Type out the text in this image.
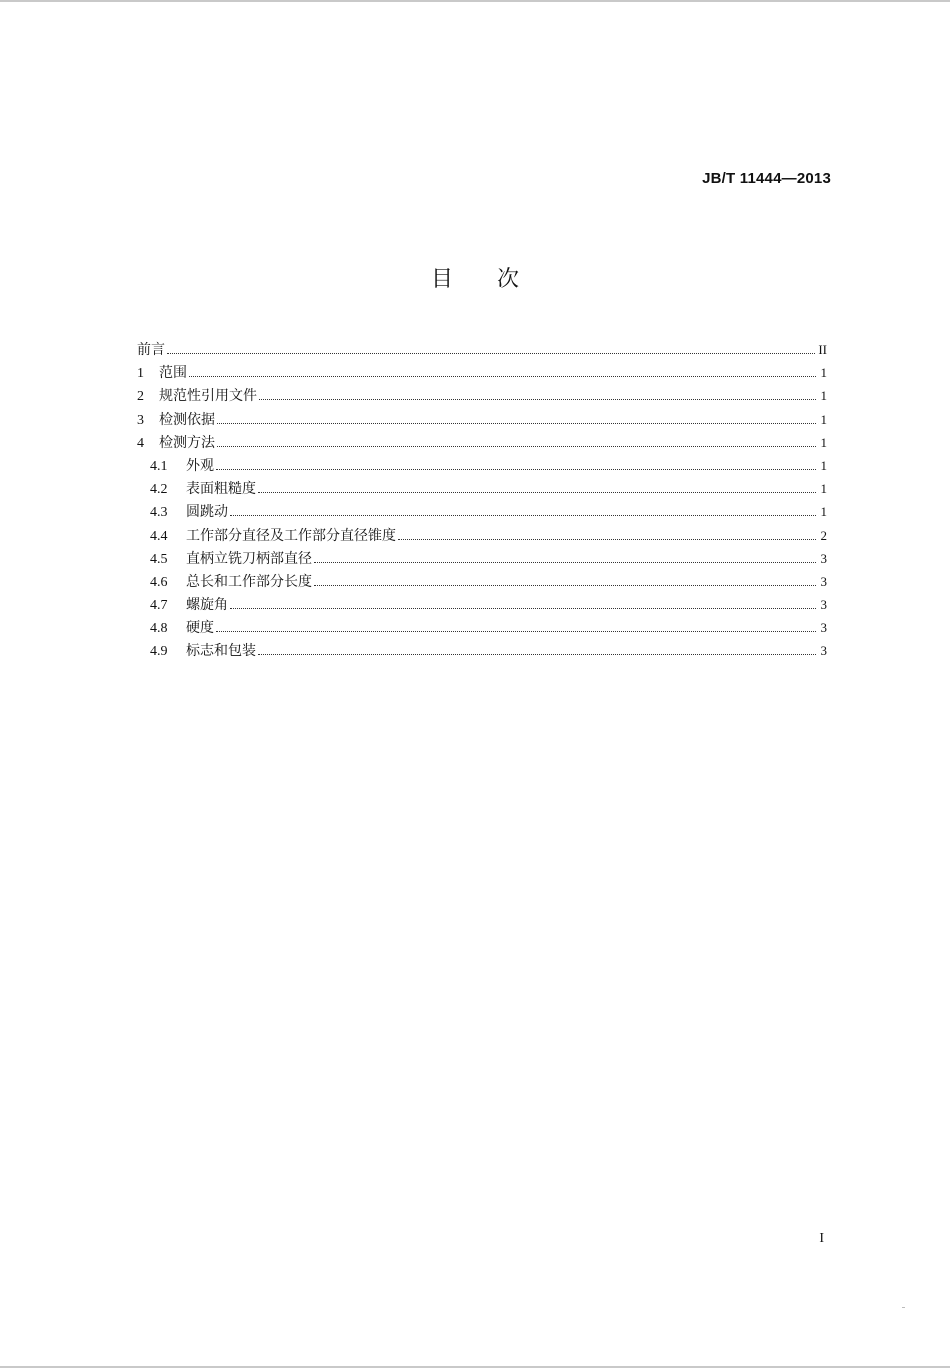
JB/T 11444—2013
目次
前言	II
1	范围	1
2	规范性引用文件	1
3	检测依据	1
4	检测方法	1
4.1	外观	1
4.2	表面粗糙度	1
4.3	圆跳动	1
4.4	工作部分直径及工作部分直径锥度	2
4.5	直柄立铣刀柄部直径	3
4.6	总长和工作部分长度	3
4.7	螺旋角	3
4.8	硬度	3
4.9	标志和包装	3
I
